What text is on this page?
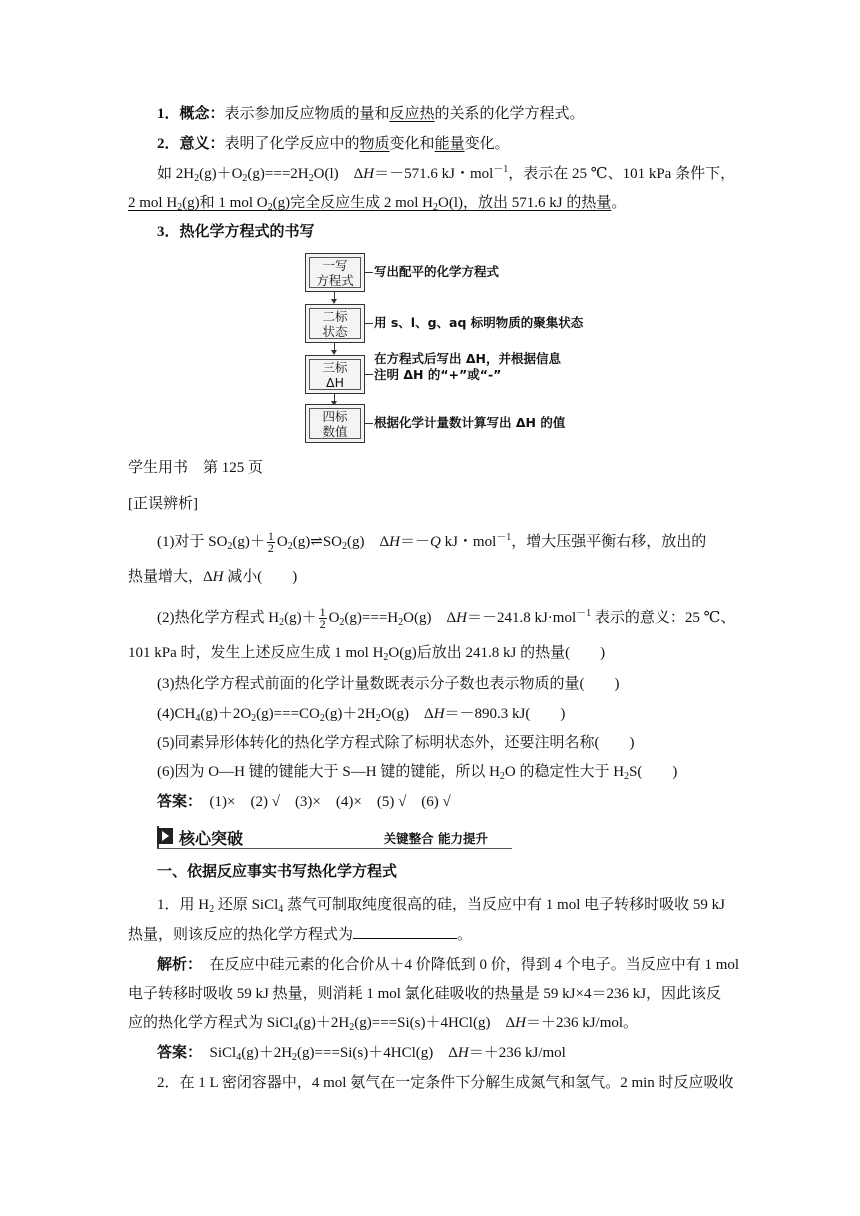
1．概念：表示参加反应物质的量和反应热的关系的化学方程式。
2．意义：表明了化学反应中的物质变化和能量变化。
如 $2H_2(g)+O_2(g)===2H_2O(l)$　ΔH＝－571.6 kJ・mol$^{-1}$，表示在 25 ℃、101 kPa 条件下，
2 mol $H_2(g)$和 1 mol $O_2(g)$完全反应生成 2 mol $H_2O(l)$，放出 571.6 kJ 的热量。
3．热化学方程式的书写
一写
方程式
写出配平的化学方程式
二标
状态
用 s、l、g、aq 标明物质的聚集状态
三标
ΔH
在方程式后写出 ΔH，并根据信息
注明 ΔH 的“+”或“-”
四标
数值
根据化学计量数计算写出 ΔH 的值
学生用书　第 125 页
[正误辨析]
(1)对于 $SO_2(g)+ \frac{1}{2}$ $O_2(g)\rightleftharpoons SO_2(g)$　ΔH＝－Q kJ・mol$^{-1}$，增大压强平衡右移，放出的
热量增大，ΔH 减小(　　)
(2)热化学方程式 $H_2(g)+ \frac{1}{2} O_2(g)===H_2O(g)$　ΔH＝－241.8 kJ·mol$^{-1}$ 表示的意义：25 ℃、
101 kPa 时，发生上述反应生成 1 mol $H_2O(g)$后放出 241.8 kJ 的热量(　　)
(3)热化学方程式前面的化学计量数既表示分子数也表示物质的量(　　)
$(4)CH_4(g)+2O_2(g)===CO_2(g)+2H_2O(g)$　ΔH＝－890.3 kJ(　　)
(5)同素异形体转化的热化学方程式除了标明状态外，还要注明名称(　　)
(6)因为 O—H 键的键能大于 S—H 键的键能，所以 $H_2O$ 的稳定性大于 $H_2S$(　　)
答案：　(1)×　(2) √　(3)×　(4)×　(5) √　(6) √
核心突破	关键整合 能力提升
一、依据反应事实书写热化学方程式
1．用 $H_2$ 还原 SiCl$_4$ 蒸气可制取纯度很高的硅，当反应中有 1 mol 电子转移时吸收 59 kJ
热量，则该反应的热化学方程式为	。
解析：　在反应中硅元素的化合价从＋4 价降低到 0 价，得到 4 个电子。当反应中有 1 mol
电子转移时吸收 59 kJ 热量，则消耗 1 mol 氯化硅吸收的热量是 59 kJ×4＝236 kJ，因此该反
应的热化学方程式为 $SiCl_4(g)+2H_2(g)===Si(s)+4HCl(g)$　ΔH＝＋236 kJ/mol。
答案：　$SiCl_4(g)+2H_2(g)===Si(s)+4HCl(g)$　ΔH＝＋236 kJ/mol
2．在 1 L 密闭容器中，4 mol 氨气在一定条件下分解生成氮气和氢气。2 min 时反应吸收
